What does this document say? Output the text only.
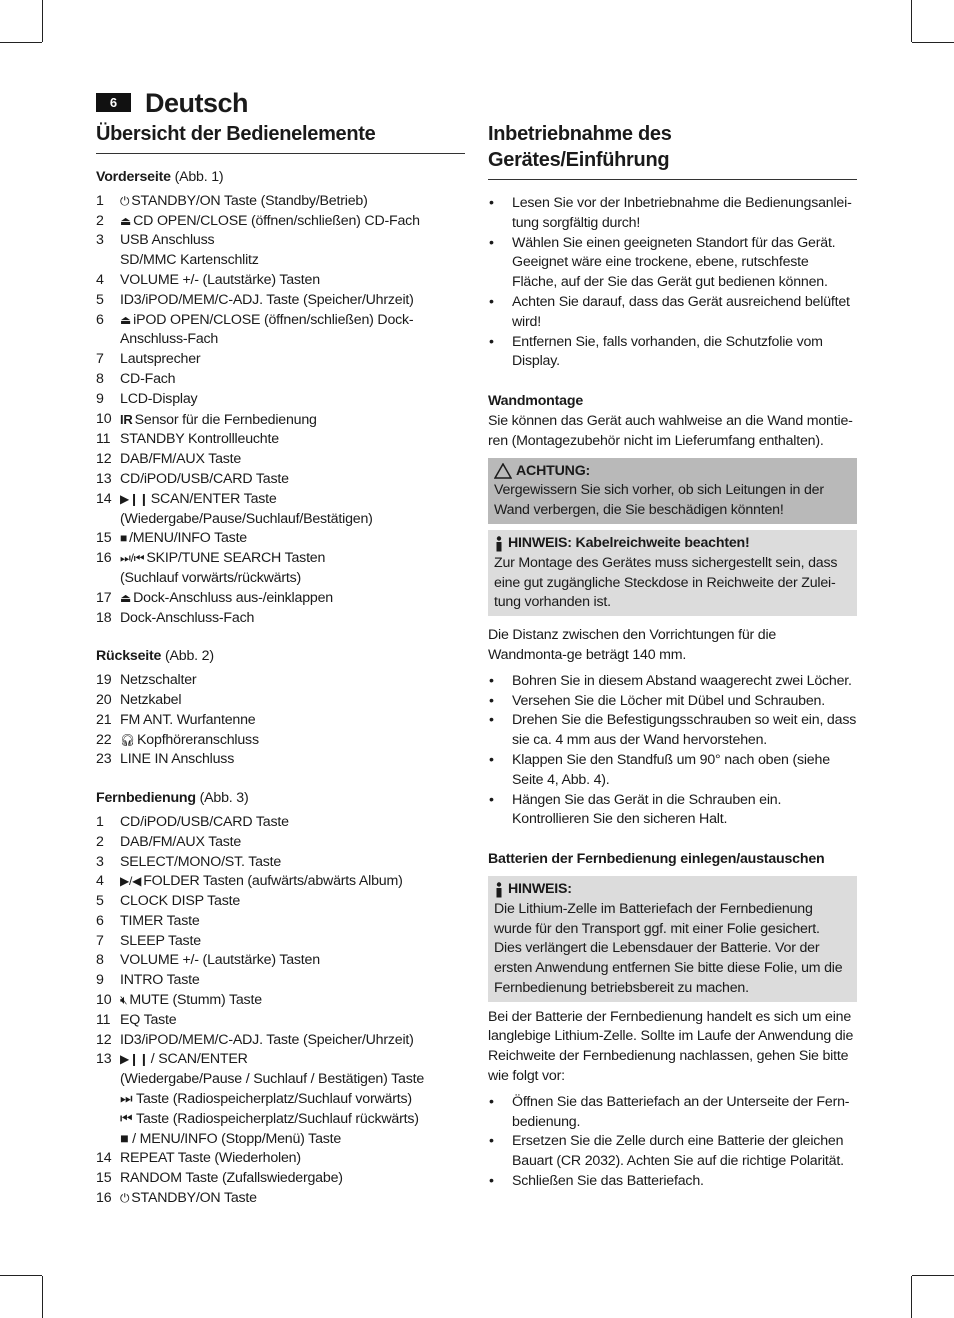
6	Deutsch
Übersicht der Bedienelemente

Vorderseite (Abb. 1)

1	⏻ STANDBY/ON Taste (Standby/Betrieb)
2	⏏ CD OPEN/CLOSE (öffnen/schließen) CD-Fach
3	USB Anschluss
SD/MMC Kartenschlitz
4	VOLUME +/- (Lautstärke) Tasten
5	ID3/iPOD/MEM/C-ADJ. Taste (Speicher/Uhrzeit)
6	⏏ iPOD OPEN/CLOSE (öffnen/schließen) Dock-
Anschluss-Fach
7	Lautsprecher
8	CD-Fach
9	LCD-Display
10 IR Sensor für die Fernbedienung
11 STANDBY Kontrollleuchte
12 DAB/FM/AUX Taste
13 CD/iPOD/USB/CARD Taste
14 ▶❙❙ SCAN/ENTER Taste
(Wiedergabe/Pause/Suchlauf/Bestätigen)
15 ■ /MENU/INFO Taste
16 ⏭/⏮ SKIP/TUNE SEARCH Tasten
(Suchlauf vorwärts/rückwärts)
17 ⏏ Dock-Anschluss aus-/einklappen
18 Dock-Anschluss-Fach

Rückseite (Abb. 2)

19 Netzschalter
20 Netzkabel
21 FM ANT. Wurfantenne
22 🎧︎ Kopfhöreranschluss
23 LINE IN Anschluss

Fernbedienung (Abb. 3)

1	CD/iPOD/USB/CARD Taste
2	DAB/FM/AUX Taste
3	SELECT/MONO/ST. Taste
4	▶/◀ FOLDER Tasten (aufwärts/abwärts Album)
5	CLOCK DISP Taste
6	TIMER Taste
7	SLEEP Taste
8	VOLUME +/- (Lautstärke) Tasten
9	INTRO Taste
10 🔇︎ MUTE (Stumm) Taste
11 EQ Taste
12 ID3/iPOD/MEM/C-ADJ. Taste (Speicher/Uhrzeit)
13 ▶❙❙ / SCAN/ENTER
(Wiedergabe/Pause / Suchlauf / Bestätigen) Taste
⏭ Taste (Radiospeicherplatz/Suchlauf vorwärts)
⏮ Taste (Radiospeicherplatz/Suchlauf rückwärts)
■ / MENU/INFO (Stopp/Menü) Taste
14 REPEAT Taste (Wiederholen)
15 RANDOM Taste (Zufallswiedergabe)
16 ⏻ STANDBY/ON Taste
Inbetriebnahme des Gerätes/Einführung
• Lesen Sie vor der Inbetriebnahme die Bedienungsanlei-tung sorgfältig durch!
• Wählen Sie einen geeigneten Standort für das Gerät. Geeignet wäre eine trockene, ebene, rutschfeste Fläche, auf der Sie das Gerät gut bedienen können.
• Achten Sie darauf, dass das Gerät ausreichend belüftet wird!
• Entfernen Sie, falls vorhanden, die Schutzfolie vom Display.

Wandmontage

Sie können das Gerät auch wahlweise an die Wand montie-ren (Montagezubehör nicht im Lieferumfang enthalten).

ACHTUNG:
Vergewissern Sie sich vorher, ob sich Leitungen in der Wand verbergen, die Sie beschädigen könnten!
HINWEIS: Kabelreichweite beachten!
Zur Montage des Gerätes muss sichergestellt sein, dass eine gut zugängliche Steckdose in Reichweite der Zulei-tung vorhanden ist.

Die Distanz zwischen den Vorrichtungen für die Wandmonta-ge beträgt 140 mm.

• Bohren Sie in diesem Abstand waagerecht zwei Löcher.
• Versehen Sie die Löcher mit Dübel und Schrauben.
• Drehen Sie die Befestigungsschrauben so weit ein, dass sie ca. 4 mm aus der Wand hervorstehen.
• Klappen Sie den Standfuß um 90° nach oben (siehe Seite 4, Abb. 4).
• Hängen Sie das Gerät in die Schrauben ein. Kontrollieren Sie den sicheren Halt.

Batterien der Fernbedienung einlegen/austauschen

HINWEIS:
Die Lithium-Zelle im Batteriefach der Fernbedienung wurde für den Transport ggf. mit einer Folie gesichert. Dies verlängert die Lebensdauer der Batterie. Vor der ersten Anwendung entfernen Sie bitte diese Folie, um die Fernbedienung betriebsbereit zu machen.

Bei der Batterie der Fernbedienung handelt es sich um eine langlebige Lithium-Zelle. Sollte im Laufe der Anwendung die Reichweite der Fernbedienung nachlassen, gehen Sie bitte wie folgt vor:

• Öffnen Sie das Batteriefach an der Unterseite der Fern-bedienung.
• Ersetzen Sie die Zelle durch eine Batterie der gleichen Bauart (CR 2032). Achten Sie auf die richtige Polarität.
• Schließen Sie das Batteriefach.
